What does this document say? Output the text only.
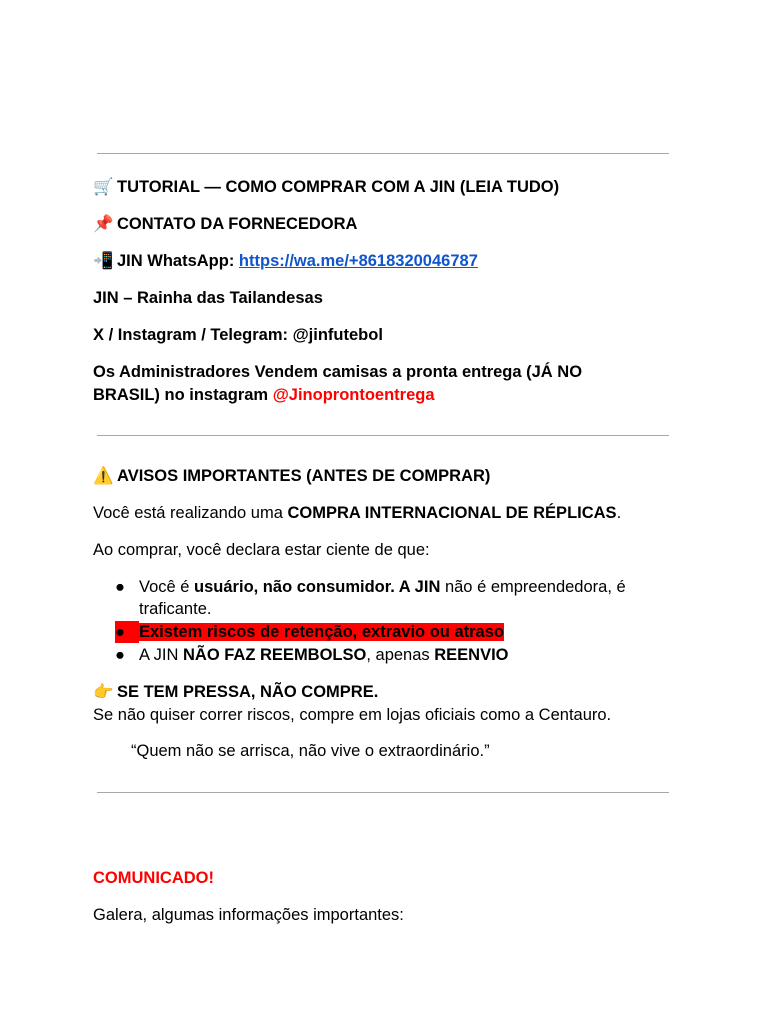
🛒 TUTORIAL — COMO COMPRAR COM A JIN (LEIA TUDO)
📌 CONTATO DA FORNECEDORA
📲 JIN WhatsApp: https://wa.me/+8618320046787
JIN – Rainha das Tailandesas
X / Instagram / Telegram: @jinfutebol
Os Administradores Vendem camisas a pronta entrega (JÁ NO
BRASIL) no instagram @Jinoprontoentrega
⚠️ AVISOS IMPORTANTES (ANTES DE COMPRAR)
Você está realizando uma COMPRA INTERNACIONAL DE RÉPLICAS.
Ao comprar, você declara estar ciente de que:
● Você é usuário, não consumidor. A JIN não é empreendedora, é
traficante.
● Existem riscos de retenção, extravio ou atraso
● A JIN NÃO FAZ REEMBOLSO, apenas REENVIO
👉 SE TEM PRESSA, NÃO COMPRE.
Se não quiser correr riscos, compre em lojas oficiais como a Centauro.
“Quem não se arrisca, não vive o extraordinário.”
COMUNICADO!
Galera, algumas informações importantes:
